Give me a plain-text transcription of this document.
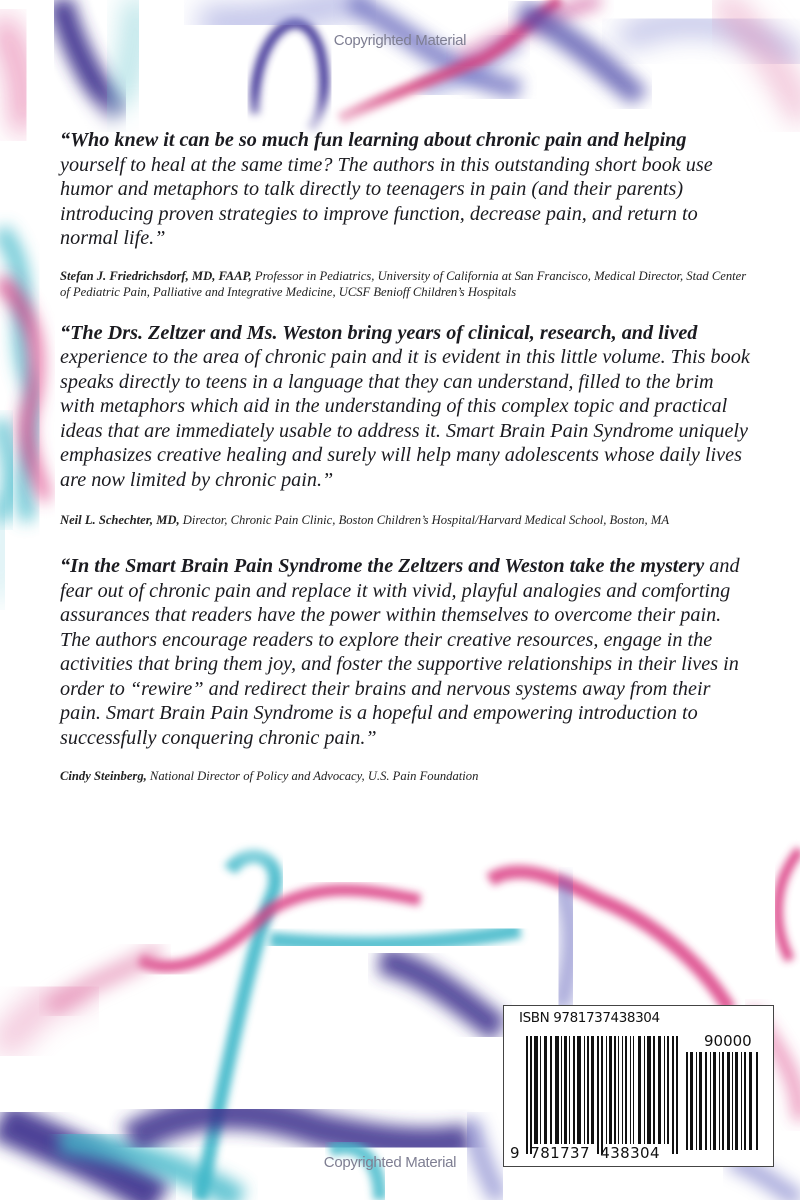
Copyrighted Material

“Who knew it can be so much fun learning about chronic pain and helping yourself to heal at the same time? The authors in this outstanding short book use humor and metaphors to talk directly to teenagers in pain (and their parents) introducing proven strategies to improve function, decrease pain, and return to normal life.”

Stefan J. Friedrichsdorf, MD, FAAP, Professor in Pediatrics, University of California at San Francisco, Medical Director, Stad Center of Pediatric Pain, Palliative and Integrative Medicine, UCSF Benioff Children’s Hospitals

“The Drs. Zeltzer and Ms. Weston bring years of clinical, research, and lived experience to the area of chronic pain and it is evident in this little volume. This book speaks directly to teens in a language that they can understand, filled to the brim with metaphors which aid in the understanding of this complex topic and practical ideas that are immediately usable to address it. Smart Brain Pain Syndrome uniquely emphasizes creative healing and surely will help many adolescents whose daily lives are now limited by chronic pain.”

Neil L. Schechter, MD, Director, Chronic Pain Clinic, Boston Children’s Hospital/Harvard Medical School, Boston, MA

“In the Smart Brain Pain Syndrome the Zeltzers and Weston take the mystery and fear out of chronic pain and replace it with vivid, playful analogies and comforting assurances that readers have the power within themselves to overcome their pain. The authors encourage readers to explore their creative resources, engage in the activities that bring them joy, and foster the supportive relationships in their lives in order to “rewire” and redirect their brains and nervous systems away from their pain. Smart Brain Pain Syndrome is a hopeful and empowering introduction to successfully conquering chronic pain.”

Cindy Steinberg, National Director of Policy and Advocacy, U.S. Pain Foundation

ISBN 9781737438304
90000
9  781737  438304
Copyrighted Material
